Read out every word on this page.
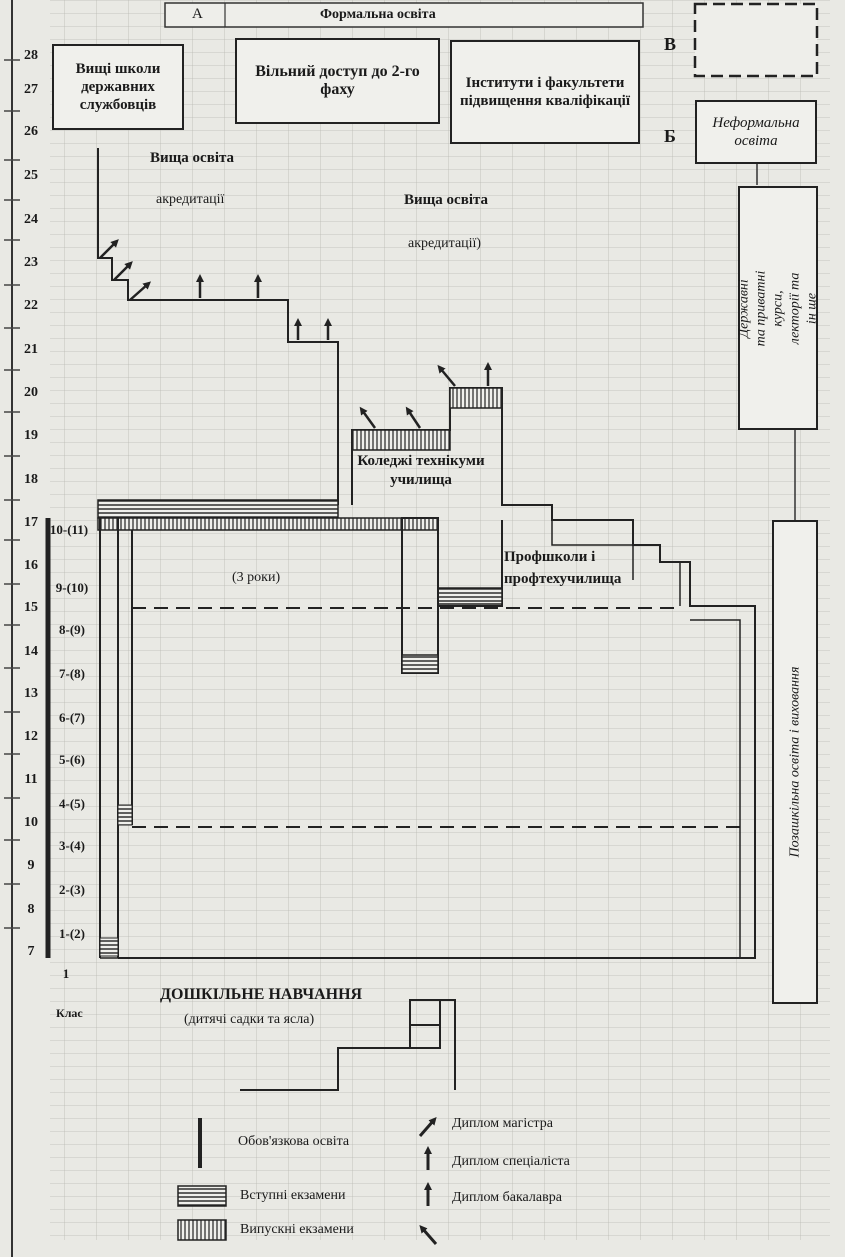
А	Формальна освіта
Вищі школи державних службовців
Вільний доступ до 2-го фаху	Інститути і факультети підвищення кваліфікації
В
Б
Неформальна освіта
Державні та приватні курси, лекторії та ін ше
Позашкільна освіта і виховання
Вища освіта
акредитації	Вища освіта
акредитації)
Коледжі технікуми училища
Профшколи і профтехучилища
(3 роки)
ДОШКІЛЬНЕ НАВЧАННЯ
(дитячі садки та ясла)
Клас
28
27
26
25
24
23
22
21
20
19
18
17
16
15
14
13
12
11
10
9
8
7
10-(11)
9-(10)
8-(9)
7-(8)
6-(7)
5-(6)
4-(5)
3-(4)
2-(3)
1-(2)
1
Обов'язкова освіта
Вступні екзамени
Випускні екзамени
Диплом магістра
Диплом спеціаліста
Диплом бакалавра
